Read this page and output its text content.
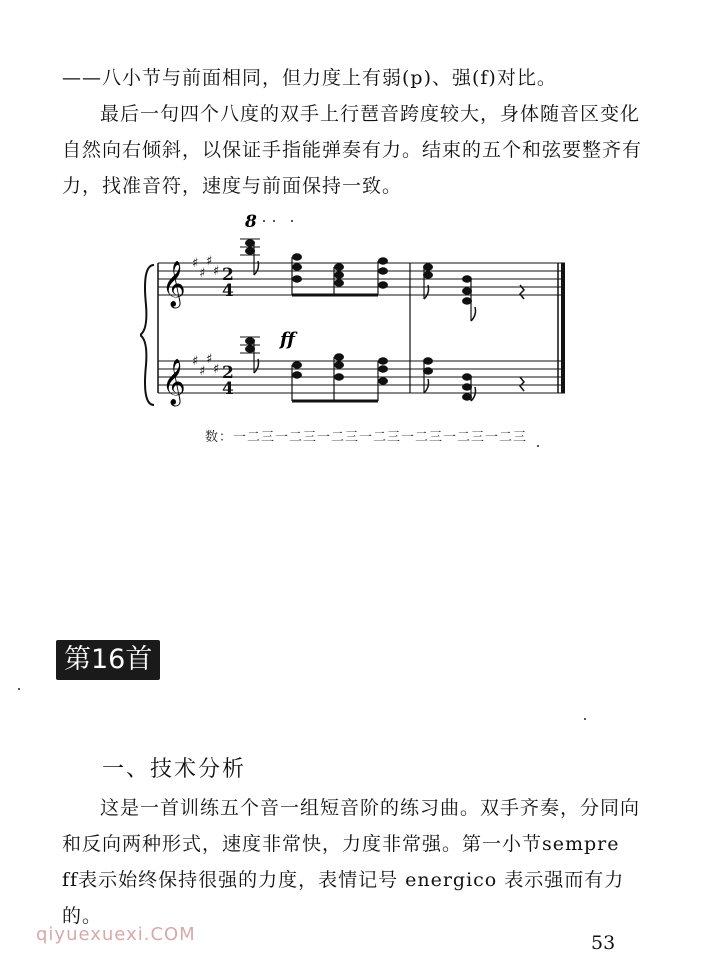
——八小节与前面相同，但力度上有弱(p)、强(f)对比。

最后一句四个八度的双手上行琶音跨度较大，身体随音区变化自然向右倾斜，以保证手指能弹奏有力。结束的五个和弦要整齐有力，找准音符，速度与前面保持一致。

8
𝄞
𝄞
♯
♯
♯
♯
♯
♯
♯
♯
2
4
2
4
ff
数：一二三一二三一二三一二三一二三一二三一二三
第16首
一、技术分析

这是一首训练五个音一组短音阶的练习曲。双手齐奏，分同向和反向两种形式，速度非常快，力度非常强。第一小节sempre ff表示始终保持很强的力度，表情记号 energico 表示强而有力的。

qiyuexuexi.COM	53
